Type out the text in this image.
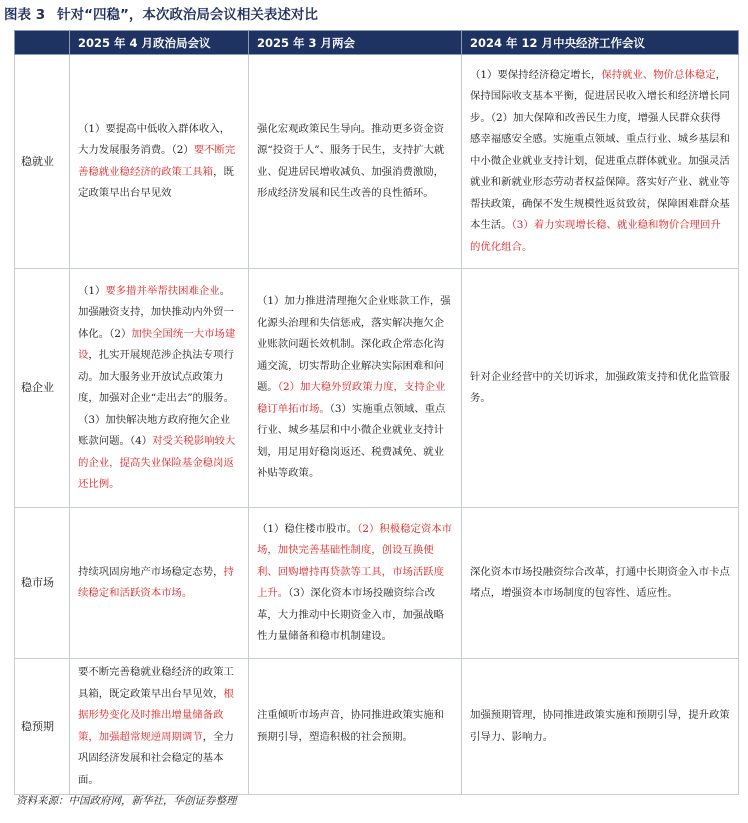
图表 3 针对“四稳”，本次政治局会议相关表述对比
	2025 年 4 月政治局会议	2025 年 3 月两会	2024 年 12 月中央经济工作会议
稳就业	（1）要提高中低收入群体收入，大力发展服务消费。（2）要不断完善稳就业稳经济的政策工具箱，既定政策早出台早见效	强化宏观政策民生导向。推动更多资金资源“投资于人”、服务于民生，支持扩大就业、促进居民增收减负、加强消费激励，形成经济发展和民生改善的良性循环。	（1）要保持经济稳定增长，保持就业、物价总体稳定，保持国际收支基本平衡，促进居民收入增长和经济增长同步。（2）加大保障和改善民生力度，增强人民群众获得感幸福感安全感。实施重点领域、重点行业、城乡基层和中小微企业就业支持计划，促进重点群体就业。加强灵活就业和新就业形态劳动者权益保障。落实好产业、就业等帮扶政策，确保不发生规模性返贫致贫，保障困难群众基本生活。（3）着力实现增长稳、就业稳和物价合理回升的优化组合。
稳企业	（1）要多措并举帮扶困难企业。加强融资支持，加快推动内外贸一体化。（2）加快全国统一大市场建设，扎实开展规范涉企执法专项行动。加大服务业开放试点政策力度，加强对企业“走出去”的服务。（3）加快解决地方政府拖欠企业账款问题。（4）对受关税影响较大的企业，提高失业保险基金稳岗返还比例。	（1）加力推进清理拖欠企业账款工作，强化源头治理和失信惩戒，落实解决拖欠企业账款问题长效机制。深化政企常态化沟通交流，切实帮助企业解决实际困难和问题。（2）加大稳外贸政策力度，支持企业稳订单拓市场。（3）实施重点领域、重点行业、城乡基层和中小微企业就业支持计划，用足用好稳岗返还、税费减免、就业补贴等政策。	针对企业经营中的关切诉求，加强政策支持和优化监管服务。
稳市场	持续巩固房地产市场稳定态势，持续稳定和活跃资本市场。	（1）稳住楼市股市。（2）积极稳定资本市场，加快完善基础性制度，创设互换便利、回购增持再贷款等工具，市场活跃度上升。（3）深化资本市场投融资综合改革，大力推动中长期资金入市，加强战略性力量储备和稳市机制建设。	深化资本市场投融资综合改革，打通中长期资金入市卡点堵点，增强资本市场制度的包容性、适应性。
稳预期	要不断完善稳就业稳经济的政策工具箱，既定政策早出台早见效，根据形势变化及时推出增量储备政策，加强超常规逆周期调节，全力巩固经济发展和社会稳定的基本面。	注重倾听市场声音，协同推进政策实施和预期引导，塑造积极的社会预期。	加强预期管理，协同推进政策实施和预期引导，提升政策引导力、影响力。
资料来源：中国政府网，新华社，华创证券整理
